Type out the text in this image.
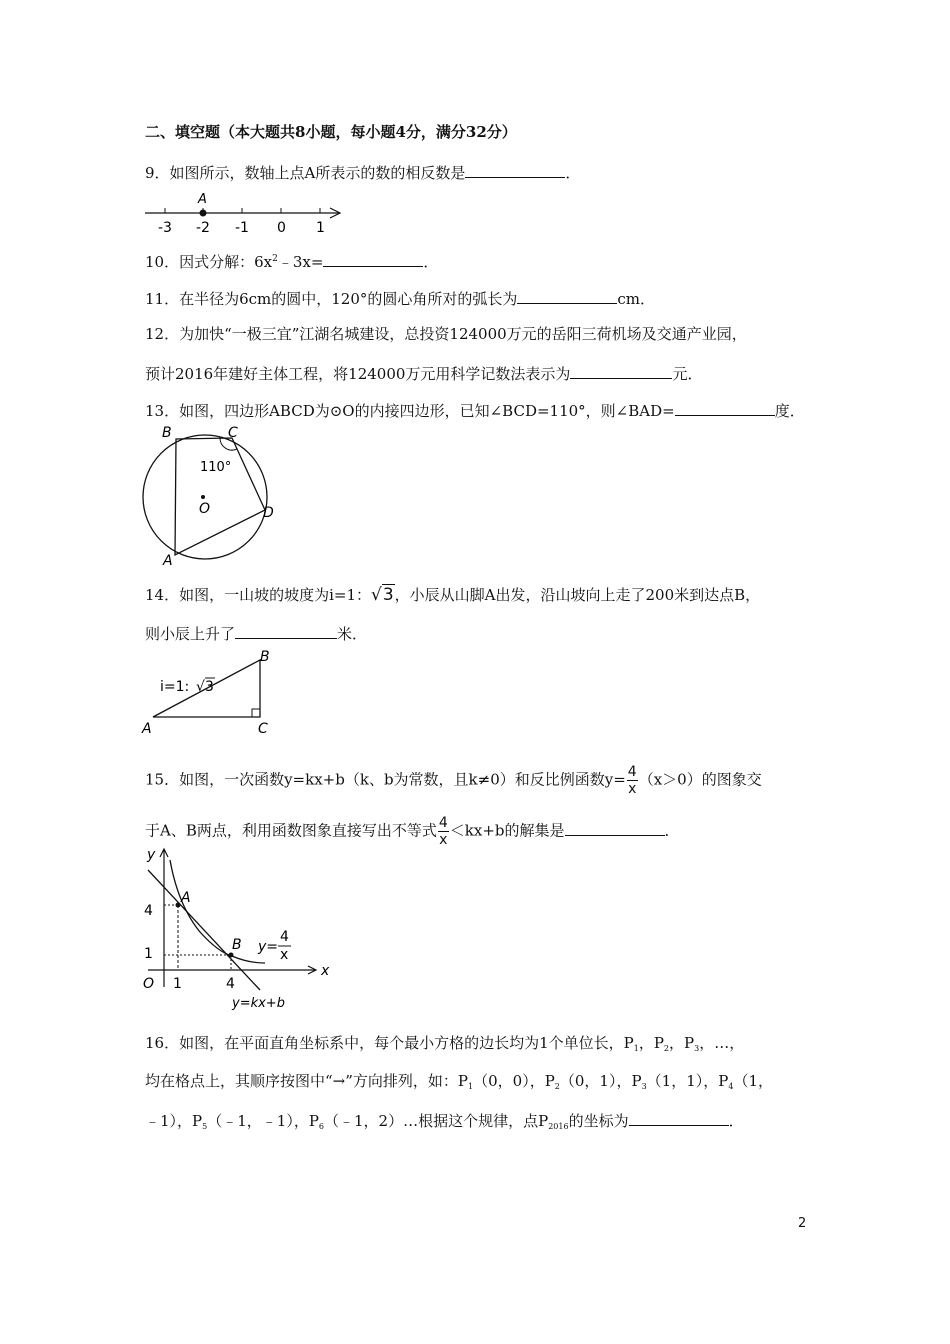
二、填空题（本大题共8小题，每小题4分，满分32分）
9．如图所示，数轴上点A所表示的数的相反数是	．
A
-3 -2 -1 0 1
10．因式分解：$6x^2﹣3x=$	．
11．在半径为6cm的圆中，120°的圆心角所对的弧长为	cm．
12．为加快“一极三宜”江湖名城建设，总投资124000万元的岳阳三荷机场及交通产业园，
预计2016年建好主体工程，将124000万元用科学记数法表示为	元．
13．如图，四边形ABCD为⊙O的内接四边形，已知∠BCD=110°，则∠BAD=	度．
B	C
D
A
O
110°
14．如图，一山坡的坡度为i=1：√3，小辰从山脚A出发，沿山坡向上走了200米到达点B，
则小辰上升了	米．
i=1: √ 3
A
B
C
15．如图，一次函数y=kx+b（k、b为常数，且k≠0）和反比例函数$y= \frac{4}{x} (x>0)$的图象交
于A、B两点，利用函数图象直接写出不等式 $\frac{4}{x} <kx+b$的解集是	．
y
x
O
4
1
1	4
A
B y=
4
x
y=kx+b
16．如图，在平面直角坐标系中，每个最小方格的边长均为1个单位长，$P_1$，$P_2$，$P_3$，…，
均在格点上，其顺序按图中“→”方向排列，如：$P_1(0$，0），$P_2(0$，1），$P_3(1$，1），$P_4(1$，
﹣1），$P_5(﹣1$，﹣1），$P_6(﹣1$，2）…根据这个规律，点$P_{2016}$的坐标为	．
2
